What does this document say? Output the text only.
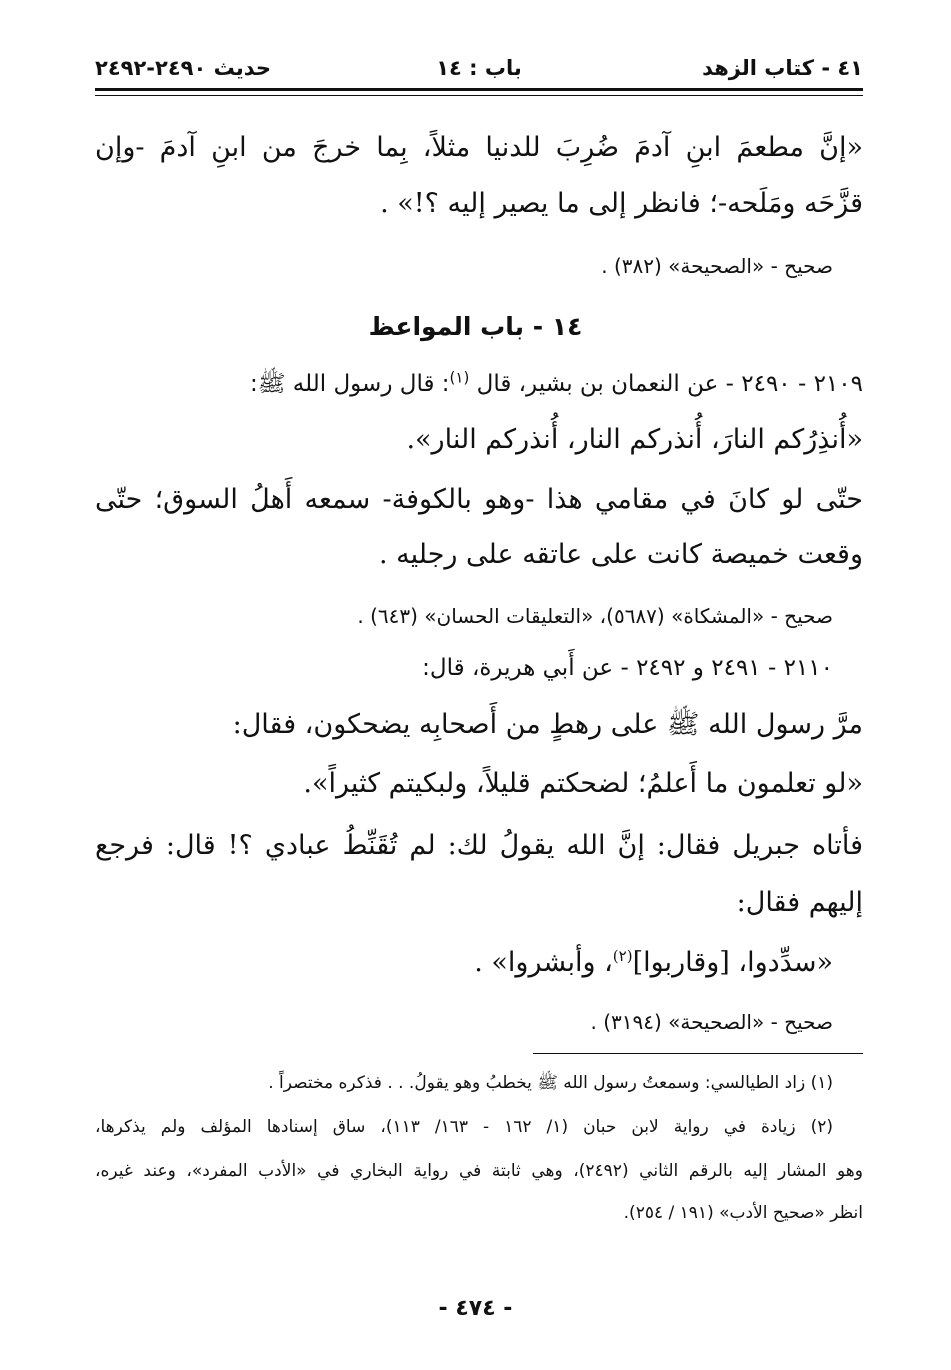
٤١ - كتاب الزهد
باب : ١٤
حديث ٢٤٩٠-٢٤٩٢
«إنَّ مطعمَ ابنِ آدمَ ضُرِبَ للدنيا مثلاً، بِما خرجَ من ابنِ آدمَ -وإن
قزَّحَه ومَلَحه-؛ فانظر إلى ما يصير إليه ؟!» .
صحيح - «الصحيحة» (٣٨٢) .
١٤ - باب المواعظ
٢١٠٩ - ٢٤٩٠ - عن النعمان بن بشير، قال $^{(١)}$: قال رسول الله ﷺ:
«أُنذِرُكم النارَ، أُنذركم النار، أُنذركم النار».
حتّى لو كانَ في مقامي هذا -وهو بالكوفة- سمعه أَهلُ السوق؛ حتّى
وقعت خميصة كانت على عاتقه على رجليه .
صحيح - «المشكاة» (٥٦٨٧)، «التعليقات الحسان» (٦٤٣) .
٢١١٠ - ٢٤٩١ و ٢٤٩٢ - عن أَبي هريرة، قال:
مرَّ رسول الله ﷺ على رهطٍ من أَصحابِه يضحكون، فقال:
«لو تعلمون ما أَعلمُ؛ لضحكتم قليلاً، ولبكيتم كثيراً».
فأتاه جبريل فقال: إنَّ الله يقولُ لك: لم تُقَنِّطُ عبادي ؟! قال: فرجع
إليهم فقال:
«سدِّدوا، [وقاربوا]$^{(٢)}$، وأبشروا» .
صحيح - «الصحيحة» (٣١٩٤) .
(١) زاد الطيالسي: وسمعتُ رسول الله ﷺ يخطبُ وهو يقولُ. . . فذكره مختصراً .
(٢) زيادة في رواية لابن حبان (١/ ١٦٢ - ١٦٣/ ١١٣)، ساق إسنادها المؤلف ولم يذكرها،
وهو المشار إليه بالرقم الثاني (٢٤٩٢)، وهي ثابتة في رواية البخاري في «الأدب المفرد»، وعند غيره،
انظر «صحيح الأدب» (١٩١ / ٢٥٤).
- ٤٧٤ -
